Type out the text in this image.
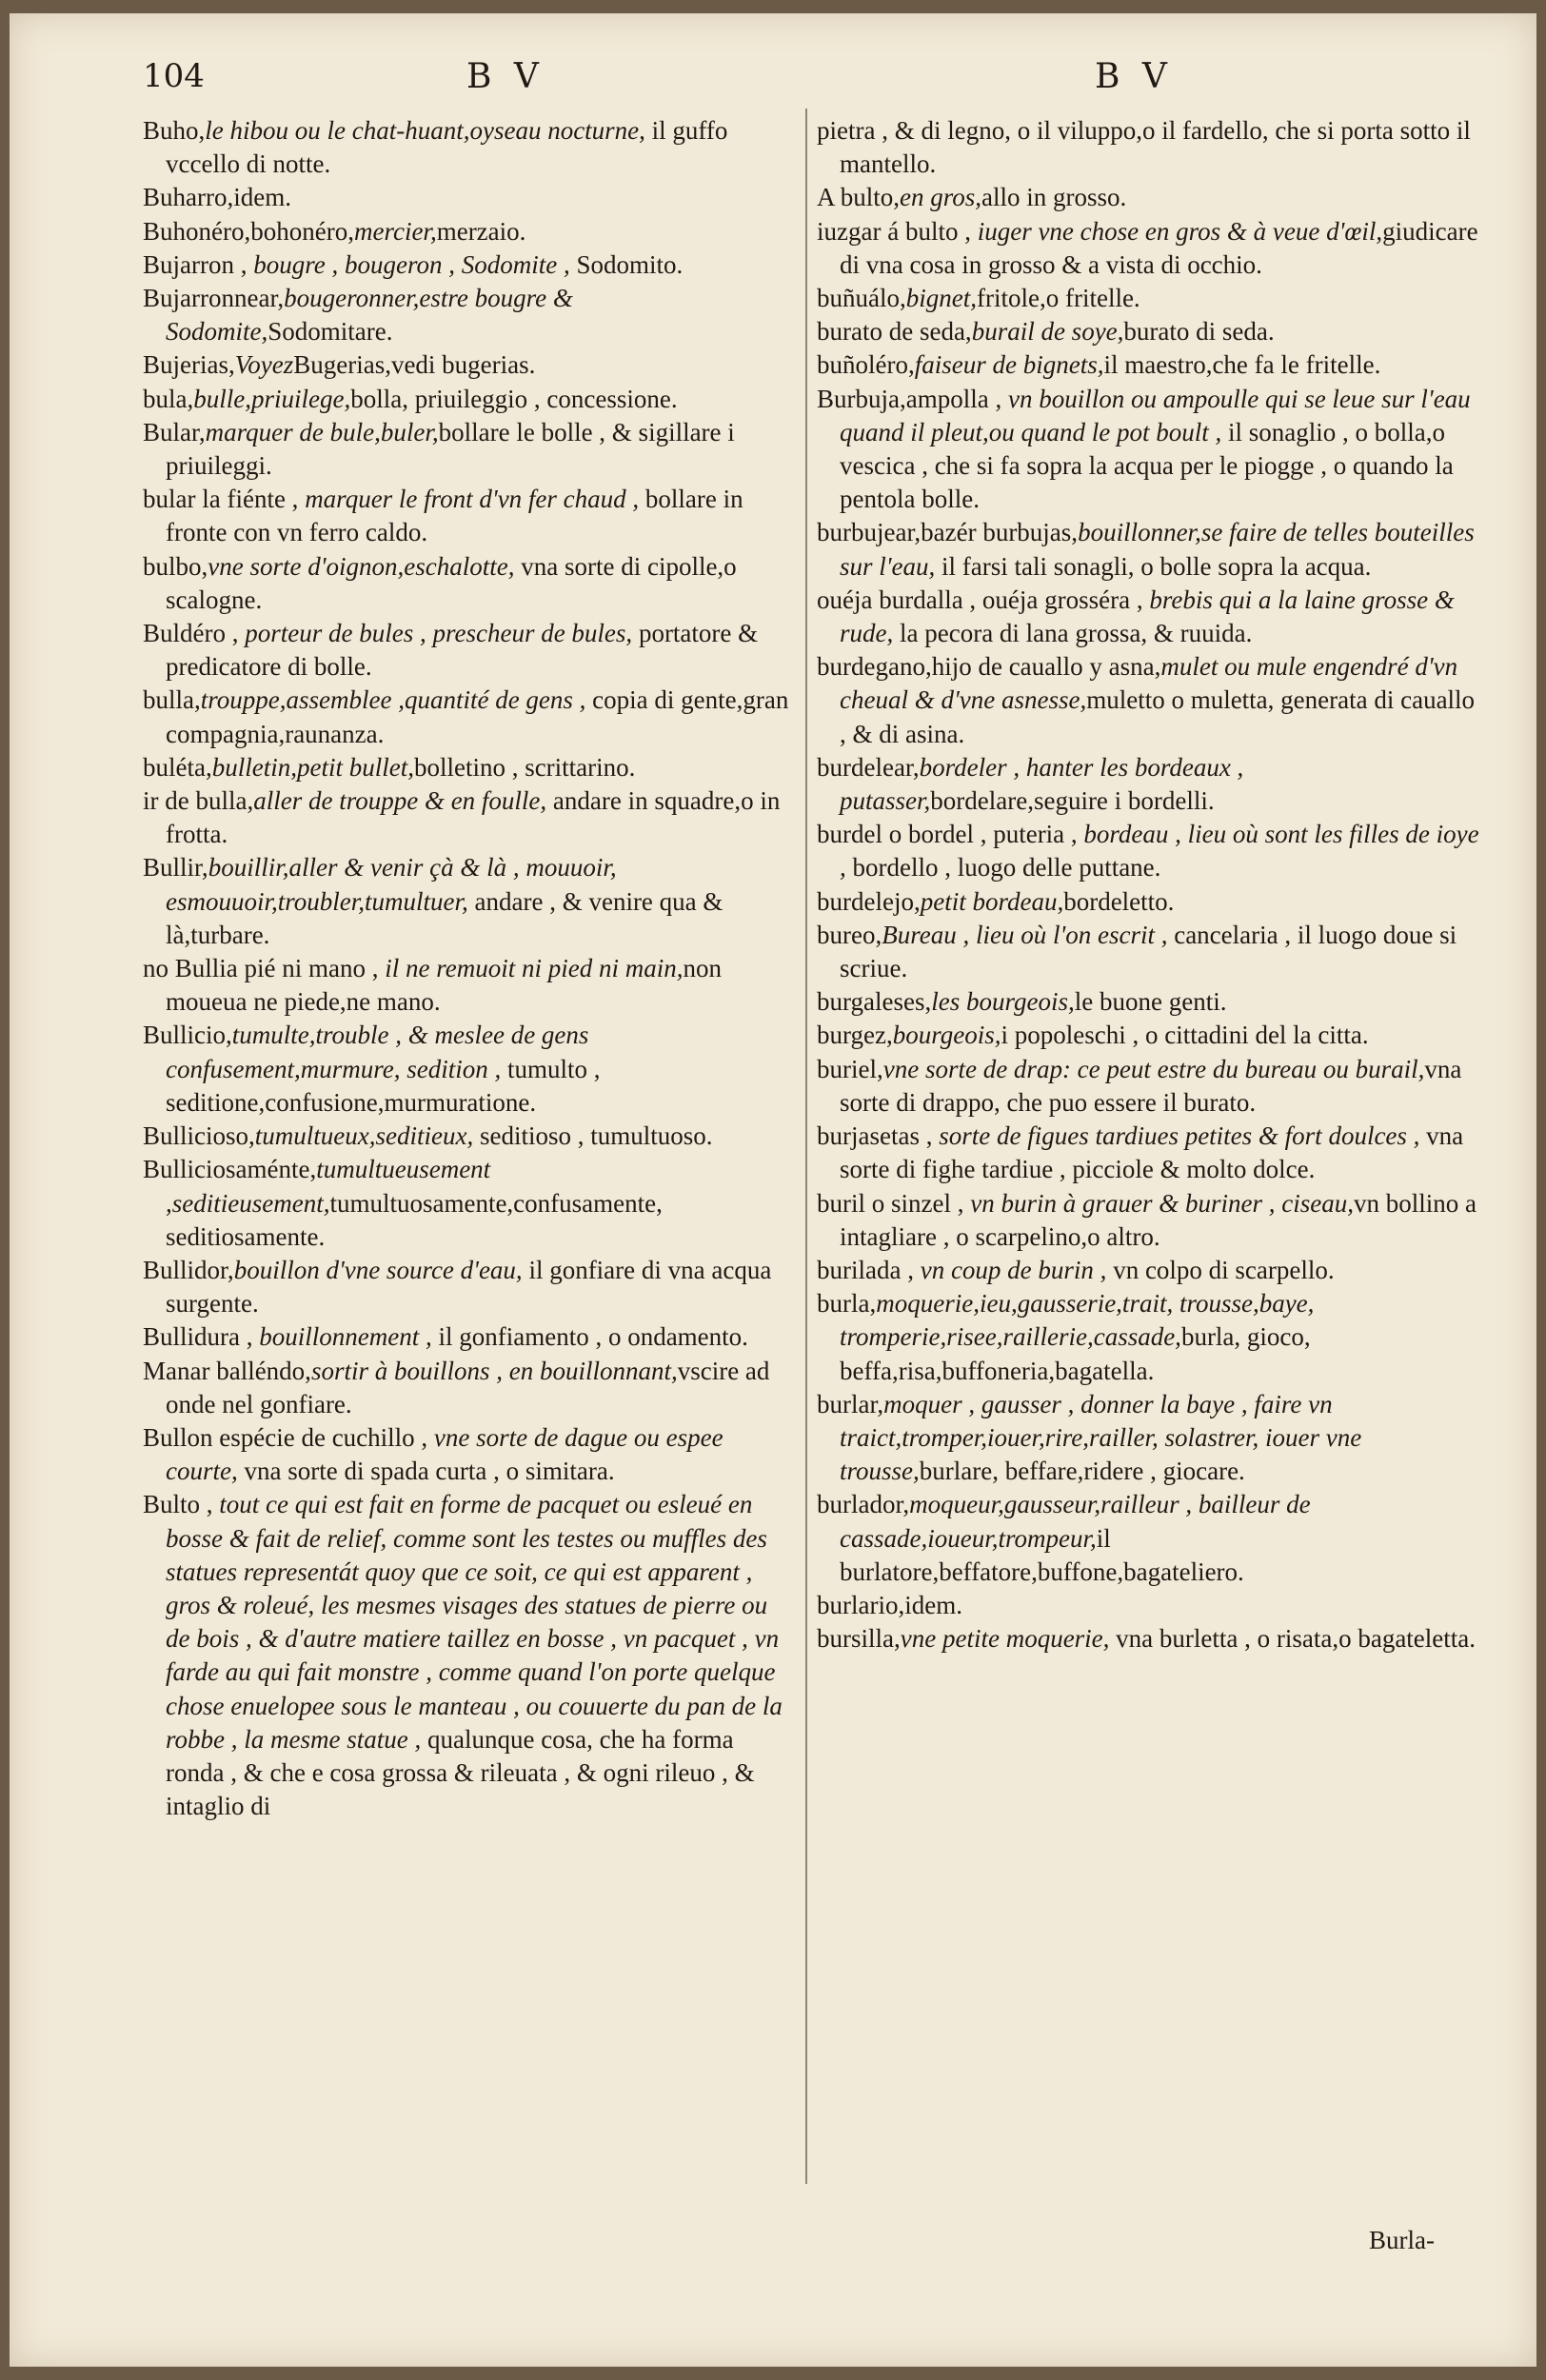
104	B V	B V

Buho,le hibou ou le chat-huant,oyseau nocturne, il guffo vccello di notte.

Buharro,idem.

Buhonéro,bohonéro,mercier,merzaio.

Bujarron , bougre , bougeron , Sodomite , Sodomito.

Bujarronnear,bougeronner,estre bougre & Sodomite,Sodomitare.

Bujerias,VoyezBugerias,vedi bugerias.

bula,bulle,priuilege,bolla, priuileggio , concessione.

Bular,marquer de bule,buler,bollare le bolle , & sigillare i priuileggi.

bular la fiénte , marquer le front d'vn fer chaud , bollare in fronte con vn ferro caldo.

bulbo,vne sorte d'oignon,eschalotte, vna sorte di cipolle,o scalogne.

Buldéro , porteur de bules , prescheur de bules, portatore & predicatore di bolle.

bulla,trouppe,assemblee ,quantité de gens , copia di gente,gran compagnia,raunanza.

buléta,bulletin,petit bullet,bolletino , scrittarino.

ir de bulla,aller de trouppe & en foulle, andare in squadre,o in frotta.

Bullir,bouillir,aller & venir çà & là , mouuoir, esmouuoir,troubler,tumultuer, andare , & venire qua & là,turbare.

no Bullia pié ni mano , il ne remuoit ni pied ni main,non moueua ne piede,ne mano.

Bullicio,tumulte,trouble , & meslee de gens confusement,murmure, sedition , tumulto , seditione,confusione,murmuratione.

Bullicioso,tumultueux,seditieux, seditioso , tumultuoso.

Bulliciosaménte,tumultueusement ,seditieusement,tumultuosamente,confusamente, seditiosamente.

Bullidor,bouillon d'vne source d'eau, il gonfiare di vna acqua surgente.

Bullidura , bouillonnement , il gonfiamento , o ondamento.

Manar balléndo,sortir à bouillons , en bouillonnant,vscire ad onde nel gonfiare.

Bullon espécie de cuchillo , vne sorte de dague ou espee courte, vna sorte di spada curta , o simitara.

Bulto , tout ce qui est fait en forme de pacquet ou esleué en bosse & fait de relief, comme sont les testes ou muffles des statues representát quoy que ce soit, ce qui est apparent , gros & roleué, les mesmes visages des statues de pierre ou de bois , & d'autre matiere taillez en bosse , vn pacquet , vn farde au qui fait monstre , comme quand l'on porte quelque chose enuelopee sous le manteau , ou couuerte du pan de la robbe , la mesme statue , qualunque cosa, che ha forma ronda , & che e cosa grossa & rileuata , & ogni rileuo , & intaglio di

pietra , & di legno, o il viluppo,o il fardello, che si porta sotto il mantello.

A bulto,en gros,allo in grosso.

iuzgar á bulto , iuger vne chose en gros & à veue d'œil,giudicare di vna cosa in grosso & a vista di occhio.

buñuálo,bignet,fritole,o fritelle.

burato de seda,burail de soye,burato di seda.

buñoléro,faiseur de bignets,il maestro,che fa le fritelle.

Burbuja,ampolla , vn bouillon ou ampoulle qui se leue sur l'eau quand il pleut,ou quand le pot boult , il sonaglio , o bolla,o vescica , che si fa sopra la acqua per le piogge , o quando la pentola bolle.

burbujear,bazér burbujas,bouillonner,se faire de telles bouteilles sur l'eau, il farsi tali sonagli, o bolle sopra la acqua.

ouéja burdalla , ouéja grosséra , brebis qui a la laine grosse & rude, la pecora di lana grossa, & ruuida.

burdegano,hijo de cauallo y asna,mulet ou mule engendré d'vn cheual & d'vne asnesse,muletto o muletta, generata di cauallo , & di asina.

burdelear,bordeler , hanter les bordeaux , putasser,bordelare,seguire i bordelli.

burdel o bordel , puteria , bordeau , lieu où sont les filles de ioye , bordello , luogo delle puttane.

burdelejo,petit bordeau,bordeletto.

bureo,Bureau , lieu où l'on escrit , cancelaria , il luogo doue si scriue.

burgaleses,les bourgeois,le buone genti.

burgez,bourgeois,i popoleschi , o cittadini del la citta.

buriel,vne sorte de drap: ce peut estre du bureau ou burail,vna sorte di drappo, che puo essere il burato.

burjasetas , sorte de figues tardiues petites & fort doulces , vna sorte di fighe tardiue , picciole & molto dolce.

buril o sinzel , vn burin à grauer & buriner , ciseau,vn bollino a intagliare , o scarpelino,o altro.

burilada , vn coup de burin , vn colpo di scarpello.

burla,moquerie,ieu,gausserie,trait, trousse,baye, tromperie,risee,raillerie,cassade,burla, gioco, beffa,risa,buffoneria,bagatella.

burlar,moquer , gausser , donner la baye , faire vn traict,tromper,iouer,rire,railler, solastrer, iouer vne trousse,burlare, beffare,ridere , giocare.

burlador,moqueur,gausseur,railleur , bailleur de cassade,ioueur,trompeur,il burlatore,beffatore,buffone,bagateliero.

burlario,idem.

bursilla,vne petite moquerie, vna burletta , o risata,o bagateletta.

Burla-
